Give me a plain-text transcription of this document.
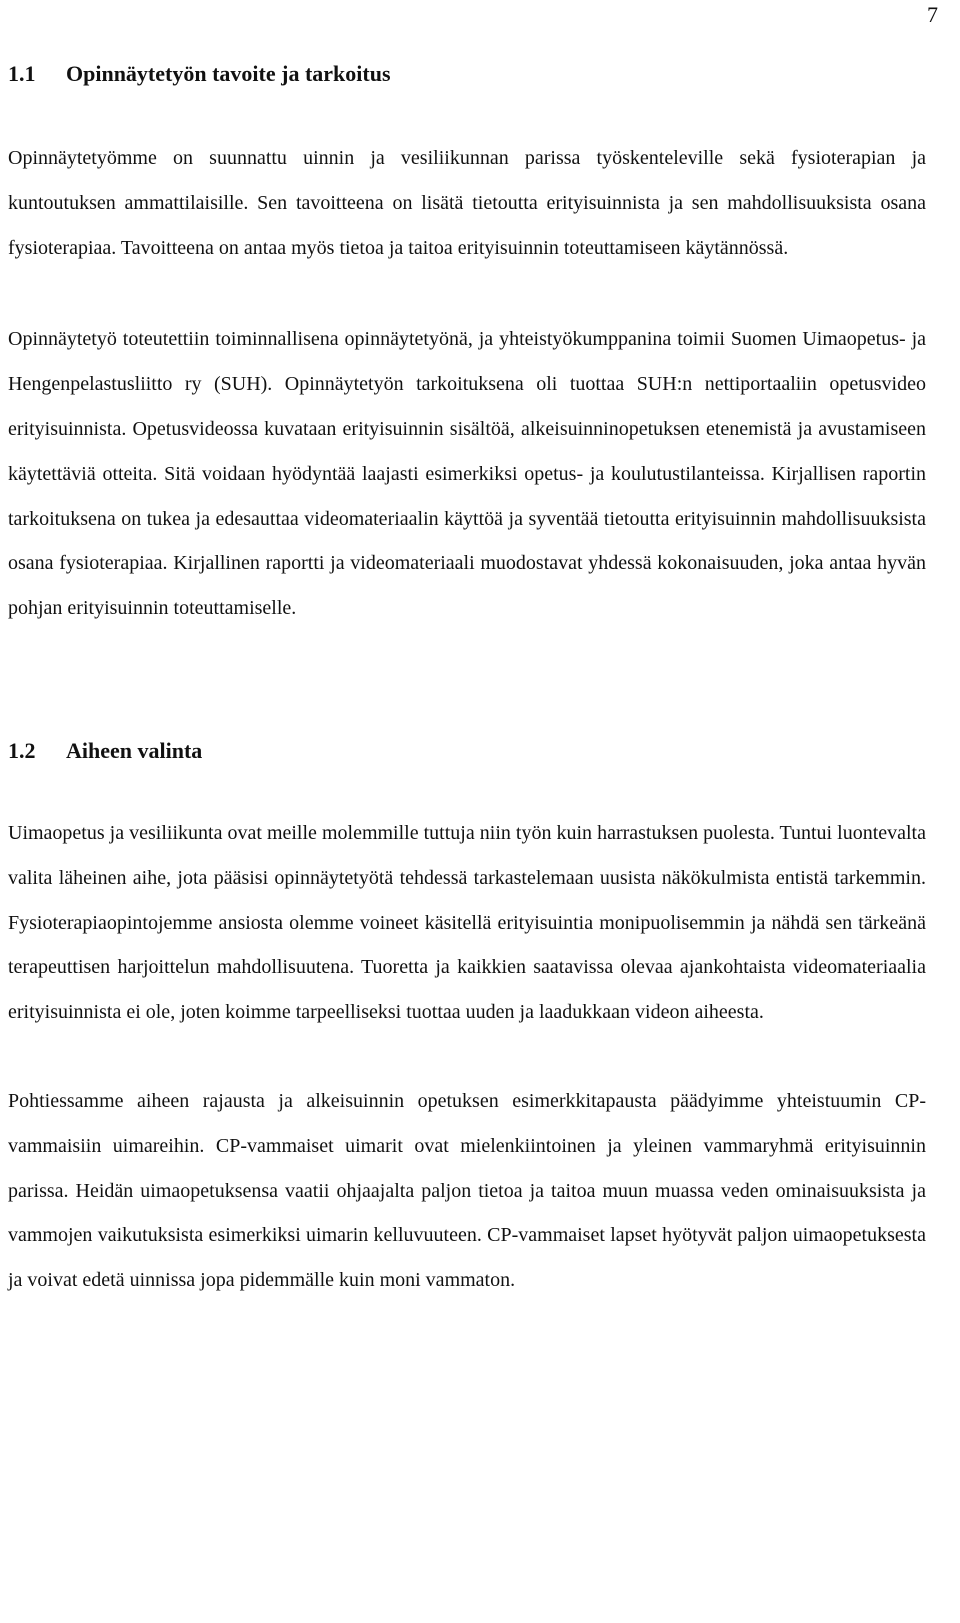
7
1.1	Opinnäytetyön tavoite ja tarkoitus

Opinnäytetyömme on suunnattu uinnin ja vesiliikunnan parissa työskenteleville sekä fysioterapian ja kuntoutuksen ammattilaisille. Sen tavoitteena on lisätä tietoutta erityisuinnista ja sen mahdollisuuksista osana fysioterapiaa. Tavoitteena on antaa myös tietoa ja taitoa erityisuinnin toteuttamiseen käytännössä.

Opinnäytetyö toteutettiin toiminnallisena opinnäytetyönä, ja yhteistyökumppanina toimii Suomen Uimaopetus- ja Hengenpelastusliitto ry (SUH). Opinnäytetyön tarkoituksena oli tuottaa SUH:n nettiportaaliin opetusvideo erityisuinnista. Opetusvideossa kuvataan erityisuinnin sisältöä, alkeisuinninopetuksen etenemistä ja avustamiseen käytettäviä otteita. Sitä voidaan hyödyntää laajasti esimerkiksi opetus- ja koulutustilanteissa. Kirjallisen raportin tarkoituksena on tukea ja edesauttaa videomateriaalin käyttöä ja syventää tietoutta erityisuinnin mahdollisuuksista osana fysioterapiaa. Kirjallinen raportti ja videomateriaali muodostavat yhdessä kokonaisuuden, joka antaa hyvän pohjan erityisuinnin toteuttamiselle.

1.2	Aiheen valinta

Uimaopetus ja vesiliikunta ovat meille molemmille tuttuja niin työn kuin harrastuksen puolesta. Tuntui luontevalta valita läheinen aihe, jota pääsisi opinnäytetyötä tehdessä tarkastelemaan uusista näkökulmista entistä tarkemmin. Fysioterapiaopintojemme ansiosta olemme voineet käsitellä erityisuintia monipuolisemmin ja nähdä sen tärkeänä terapeuttisen harjoittelun mahdollisuutena. Tuoretta ja kaikkien saatavissa olevaa ajankohtaista videomateriaalia erityisuinnista ei ole, joten koimme tarpeelliseksi tuottaa uuden ja laadukkaan videon aiheesta.

Pohtiessamme aiheen rajausta ja alkeisuinnin opetuksen esimerkkitapausta päädyimme yhteistuumin CP-vammaisiin uimareihin. CP-vammaiset uimarit ovat mielenkiintoinen ja yleinen vammaryhmä erityisuinnin parissa. Heidän uimaopetuksensa vaatii ohjaajalta paljon tietoa ja taitoa muun muassa veden ominaisuuksista ja vammojen vaikutuksista esimerkiksi uimarin kelluvuuteen. CP-vammaiset lapset hyötyvät paljon uimaopetuksesta ja voivat edetä uinnissa jopa pidemmälle kuin moni vammaton.
